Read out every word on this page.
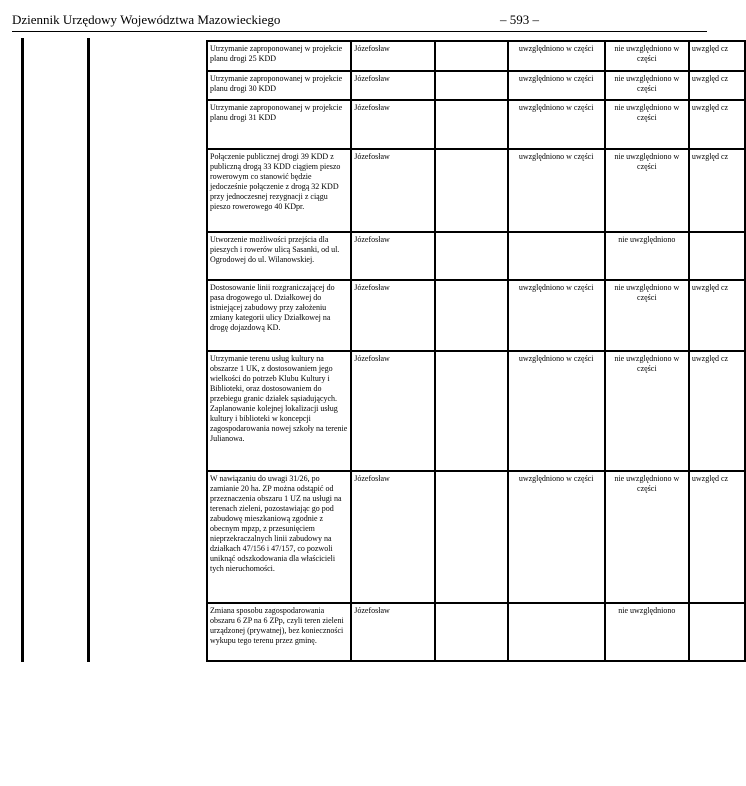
Dziennik Urzędowy Województwa Mazowieckiego	– 593 –
Utrzymanie zaproponowanej w projekcie planu drogi 25 KDD	Józefosław		uwzględniono w części	nie uwzględniono w części	uwzględ cz
Utrzymanie zaproponowanej w projekcie planu drogi 30 KDD	Józefosław		uwzględniono w części	nie uwzględniono w części	uwzględ cz
Utrzymanie zaproponowanej w projekcie planu drogi 31 KDD	Józefosław		uwzględniono w części	nie uwzględniono w części	uwzględ cz
Połączenie publicznej drogi 39 KDD z publiczną drogą 33 KDD ciągiem pieszo rowerowym co stanowić będzie jedocześnie połączenie z drogą 32 KDD przy jednoczesnej rezygnacji z ciągu pieszo rowerowego 40 KDpr.	Józefosław		uwzględniono w części	nie uwzględniono w części	uwzględ cz
Utworzenie możliwości przejścia dla pieszych i rowerów ulicą Sasanki, od ul. Ogrodowej do ul. Wilanowskiej.	Józefosław			nie uwzględniono	
Dostosowanie linii rozgraniczającej do pasa drogowego ul. Działkowej do istniejącej zabudowy przy założeniu zmiany kategorii ulicy Działkowej na drogę dojazdową KD.	Józefosław		uwzględniono w części	nie uwzględniono w części	uwzględ cz
Utrzymanie terenu usług kultury na obszarze 1 UK, z dostosowaniem jego wielkości do potrzeb Klubu Kultury i Biblioteki, oraz dostosowaniem do przebiegu granic działek sąsiadujących. Zaplanowanie kolejnej lokalizacji usług kultury i biblioteki w koncepcji zagospodarowania nowej szkoły na terenie Julianowa.	Józefosław		uwzględniono w części	nie uwzględniono w części	uwzględ cz
W nawiązaniu do uwagi 31/26, po zamianie 20 ha. ZP można odstąpić od przeznaczenia obszaru 1 UZ na usługi na terenach zieleni, pozostawiając go pod zabudowę mieszkaniową zgodnie z obecnym mpzp, z przesunięciem nieprzekraczalnych linii zabudowy na działkach 47/156 i 47/157, co pozwoli uniknąć odszkodowania dla właścicieli tych nieruchomości.	Józefosław		uwzględniono w części	nie uwzględniono w części	uwzględ cz
Zmiana sposobu zagospodarowania obszaru 6 ZP na 6 ZPp, czyli teren zieleni urządzonej (prywatnej), bez konieczności wykupu tego terenu przez gminę.	Józefosław			nie uwzględniono	
